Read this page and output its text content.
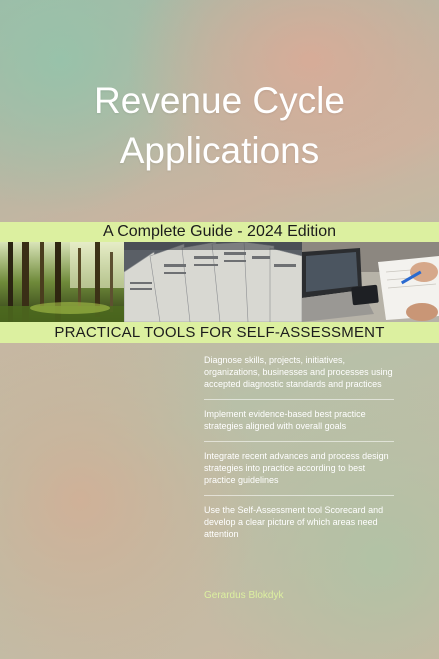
Revenue Cycle
Applications
A Complete Guide - 2024 Edition
PRACTICAL TOOLS FOR SELF-ASSESSMENT
Diagnose skills, projects, initiatives, organizations, businesses and processes using accepted diagnostic standards and practices
Implement evidence-based best practice strategies aligned with overall goals
Integrate recent advances and process design strategies into practice according to best practice guidelines
Use the Self-Assessment tool Scorecard and develop a clear picture of which areas need attention
Gerardus Blokdyk
